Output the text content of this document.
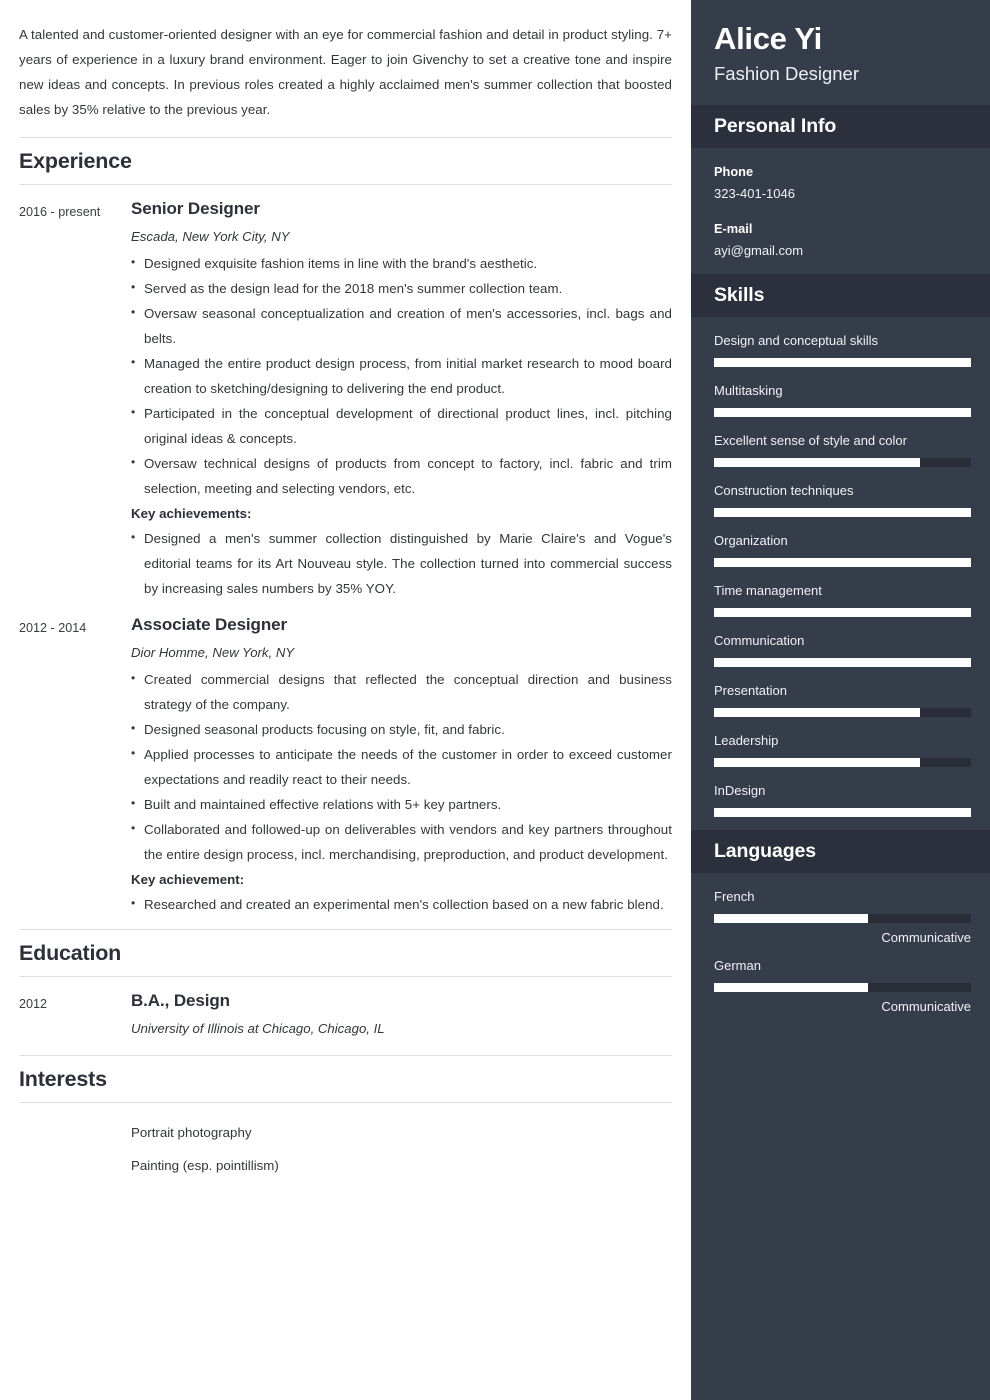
A talented and customer-oriented designer with an eye for commercial fashion and detail in product styling. 7+ years of experience in a luxury brand environment. Eager to join Givenchy to set a creative tone and inspire new ideas and concepts. In previous roles created a highly acclaimed men's summer collection that boosted sales by 35% relative to the previous year.

Experience
2016 - present	Senior Designer
Escada, New York City, NY
• Designed exquisite fashion items in line with the brand's aesthetic.
• Served as the design lead for the 2018 men's summer collection team.
• Oversaw seasonal conceptualization and creation of men's accessories, incl. bags and belts.
• Managed the entire product design process, from initial market research to mood board creation to sketching/designing to delivering the end product.
• Participated in the conceptual development of directional product lines, incl. pitching original ideas & concepts.
• Oversaw technical designs of products from concept to factory, incl. fabric and trim selection, meeting and selecting vendors, etc.
Key achievements:
• Designed a men's summer collection distinguished by Marie Claire's and Vogue's editorial teams for its Art Nouveau style. The collection turned into commercial success by increasing sales numbers by 35% YOY.
2012 - 2014	Associate Designer
Dior Homme, New York, NY
• Created commercial designs that reflected the conceptual direction and business strategy of the company.
• Designed seasonal products focusing on style, fit, and fabric.
• Applied processes to anticipate the needs of the customer in order to exceed customer expectations and readily react to their needs.
• Built and maintained effective relations with 5+ key partners.
• Collaborated and followed-up on deliverables with vendors and key partners throughout the entire design process, incl. merchandising, preproduction, and product development.
Key achievement:
• Researched and created an experimental men's collection based on a new fabric blend.
Education
2012	B.A., Design
University of Illinois at Chicago, Chicago, IL
Interests
Portrait photography
Painting (esp. pointillism)
Alice Yi
Fashion Designer
Personal Info
Phone
323-401-1046
E-mail
ayi@gmail.com
Skills
Design and conceptual skills
Multitasking
Excellent sense of style and color
Construction techniques
Organization
Time management
Communication
Presentation
Leadership
InDesign
Languages
French
Communicative
German
Communicative
